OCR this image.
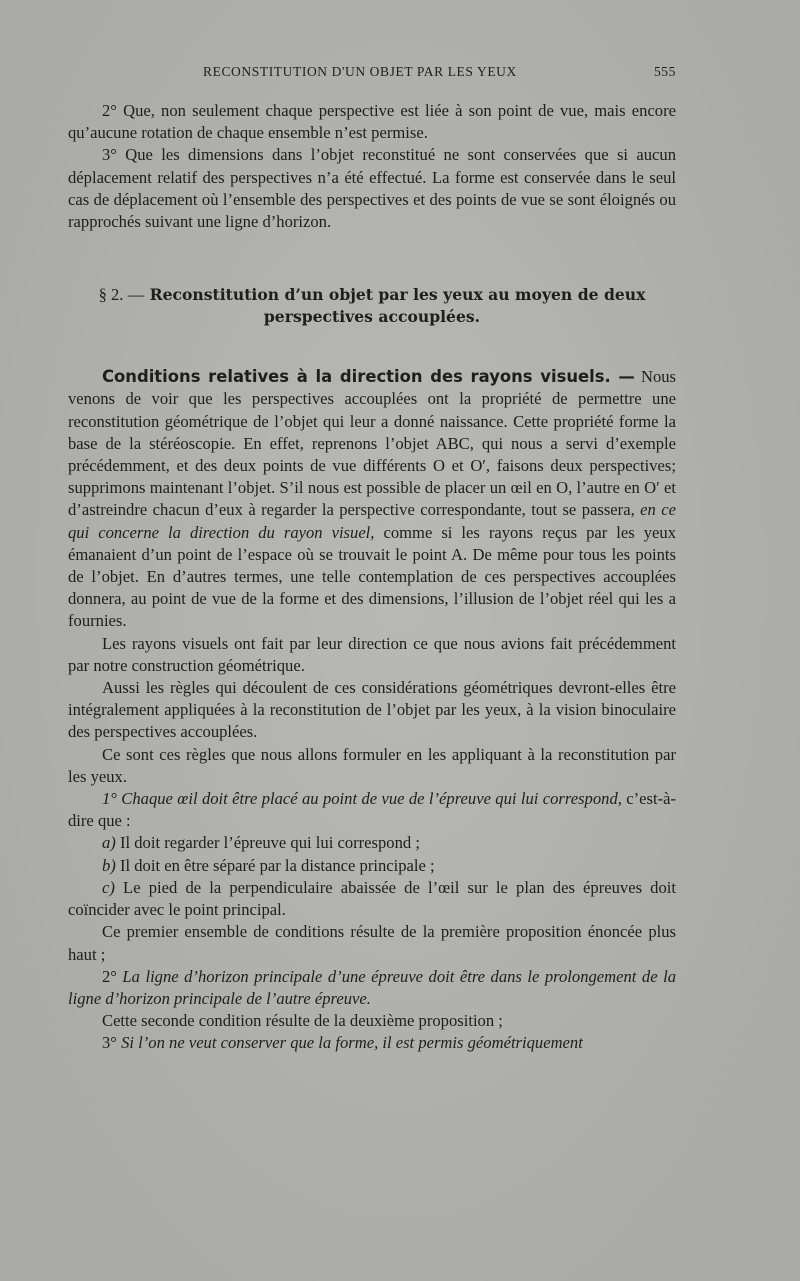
RECONSTITUTION D'UN OBJET PAR LES YEUX	555

2° Que, non seulement chaque perspective est liée à son point de vue, mais encore qu’aucune rotation de chaque ensemble n’est permise.

3° Que les dimensions dans l’objet reconstitué ne sont conservées que si aucun déplacement relatif des perspectives n’a été effectué. La forme est conservée dans le seul cas de déplacement où l’ensemble des perspectives et des points de vue se sont éloignés ou rapprochés suivant une ligne d’horizon.

§ 2. — Reconstitution d’un objet par les yeux au moyen de deux perspectives accouplées.

Conditions relatives à la direction des rayons visuels. — Nous venons de voir que les perspectives accouplées ont la propriété de permettre une reconstitution géométrique de l’objet qui leur a donné naissance. Cette propriété forme la base de la stéréoscopie. En effet, reprenons l’objet ABC, qui nous a servi d’exemple précédemment, et des deux points de vue différents O et O′, faisons deux perspectives; supprimons maintenant l’objet. S’il nous est possible de placer un œil en O, l’autre en O′ et d’astreindre chacun d’eux à regarder la perspective correspondante, tout se passera, en ce qui concerne la direction du rayon visuel, comme si les rayons reçus par les yeux émanaient d’un point de l’espace où se trouvait le point A. De même pour tous les points de l’objet. En d’autres termes, une telle contemplation de ces perspectives accouplées donnera, au point de vue de la forme et des dimensions, l’illusion de l’objet réel qui les a fournies.

Les rayons visuels ont fait par leur direction ce que nous avions fait précédemment par notre construction géométrique.

Aussi les règles qui découlent de ces considérations géométriques devront-elles être intégralement appliquées à la reconstitution de l’objet par les yeux, à la vision binoculaire des perspectives accouplées.

Ce sont ces règles que nous allons formuler en les appliquant à la reconstitution par les yeux.

1° Chaque œil doit être placé au point de vue de l’épreuve qui lui correspond, c’est-à-dire que :

a) Il doit regarder l’épreuve qui lui correspond ;

b) Il doit en être séparé par la distance principale ;

c) Le pied de la perpendiculaire abaissée de l’œil sur le plan des épreuves doit coïncider avec le point principal.

Ce premier ensemble de conditions résulte de la première proposition énoncée plus haut ;

2° La ligne d’horizon principale d’une épreuve doit être dans le prolongement de la ligne d’horizon principale de l’autre épreuve.

Cette seconde condition résulte de la deuxième proposition ;

3° Si l’on ne veut conserver que la forme, il est permis géométriquement
